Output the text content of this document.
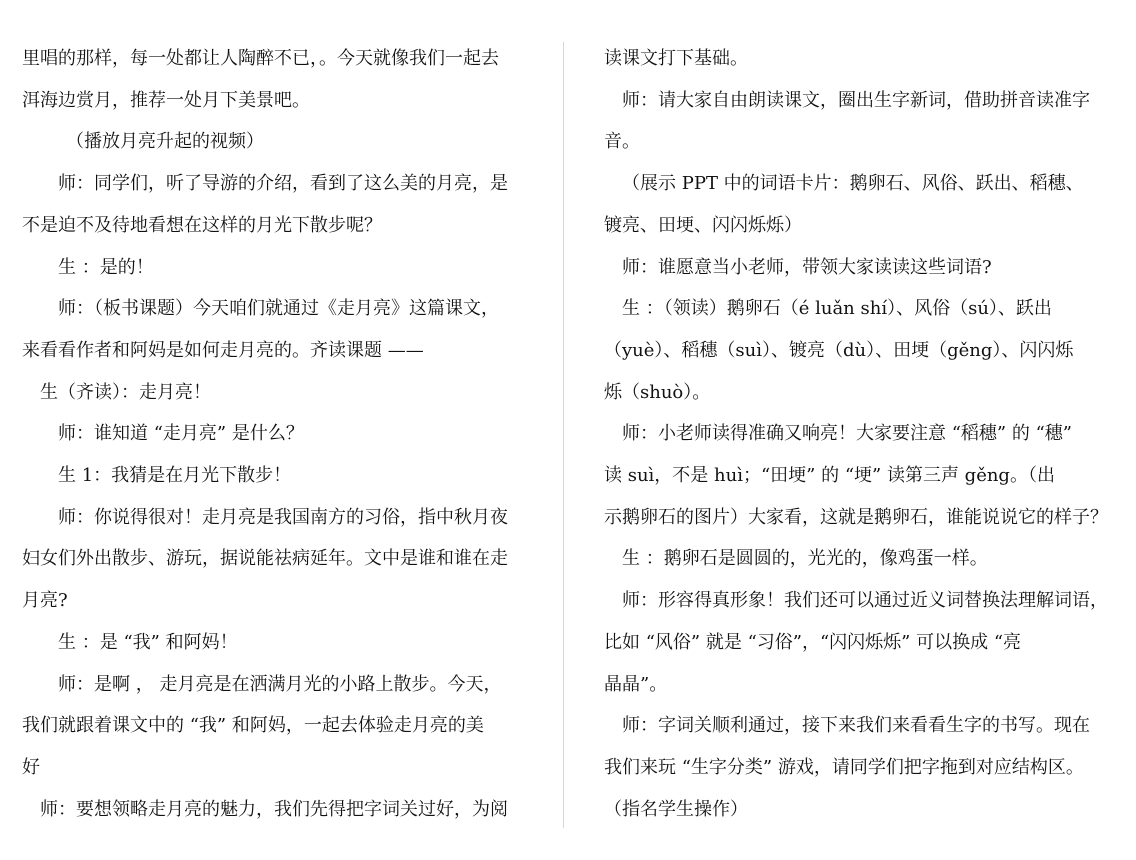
里唱的那样，每一处都让人陶醉不已，。今天就像我们一起去
洱海边赏月，推荐一处月下美景吧。
（播放月亮升起的视频）
师：同学们，听了导游的介绍，看到了这么美的月亮，是
不是迫不及待地看想在这样的月光下散步呢？
生 ：是的！
师：（板书课题）今天咱们就通过《走月亮》这篇课文，
来看看作者和阿妈是如何走月亮的。齐读课题 ——
生（齐读）：走月亮！
师：谁知道 “走月亮” 是什么？
生 1：我猜是在月光下散步！
师：你说得很对！走月亮是我国南方的习俗，指中秋月夜
妇女们外出散步、游玩，据说能祛病延年。文中是谁和谁在走
月亮?
生 ：是 “我” 和阿妈！
师：是啊 ， 走月亮是在洒满月光的小路上散步。今天，
我们就跟着课文中的 “我” 和阿妈，一起去体验走月亮的美
好
师：要想领略走月亮的魅力，我们先得把字词关过好，为阅
读课文打下基础。
师：请大家自由朗读课文，圈出生字新词，借助拼音读准字
音。
（展示 PPT 中的词语卡片：鹅卵石、风俗、跃出、稻穗、
镀亮、田埂、闪闪烁烁）
师：谁愿意当小老师，带领大家读读这些词语?
生 ：（领读）鹅卵石（é luǎn shí）、风俗（sú）、跃出
（yuè）、稻穗（suì）、镀亮（dù）、田埂（gěng）、闪闪烁
烁（shuò）。
师：小老师读得准确又响亮！大家要注意 “稻穗” 的 “穗”
读 suì，不是 huì；“田埂” 的 “埂” 读第三声 gěng。（出
示鹅卵石的图片）大家看，这就是鹅卵石，谁能说说它的样子？
生 ：鹅卵石是圆圆的，光光的，像鸡蛋一样。
师：形容得真形象！我们还可以通过近义词替换法理解词语，
比如 “风俗” 就是 “习俗”，“闪闪烁烁” 可以换成 “亮
晶晶”。
师：字词关顺利通过，接下来我们来看看生字的书写。现在
我们来玩 “生字分类” 游戏，请同学们把字拖到对应结构区。
（指名学生操作）
